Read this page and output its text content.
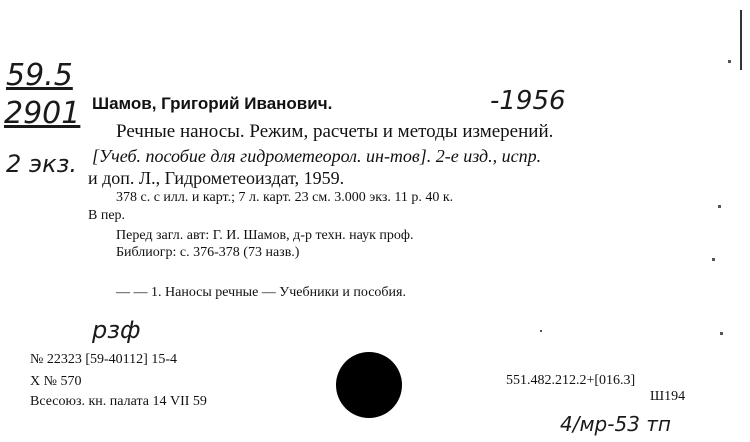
59.5
2901
2 экз.
-1956
Шамов, Григорий Иванович.
Речные наносы. Режим, расчеты и методы измерений.
[Учеб. пособие для гидрометеорол. ин-тов]. 2-е изд., испр.
и доп. Л., Гидрометеоиздат, 1959.
378 с. с илл. и карт.; 7 л. карт. 23 см. 3.000 экз. 11 р. 40 к.
В пер.
Перед загл. авт: Г. И. Шамов, д-р техн. наук проф.
Библиогр: с. 376-378 (73 назв.)
— — 1. Наносы речные — Учебники и пособия.
рзф
№ 22323 [59-40112] 15-4
Х № 570
Всесоюз. кн. палата 14 VII 59
551.482.212.2+[016.3]
Ш194
4/мр-53 тп
